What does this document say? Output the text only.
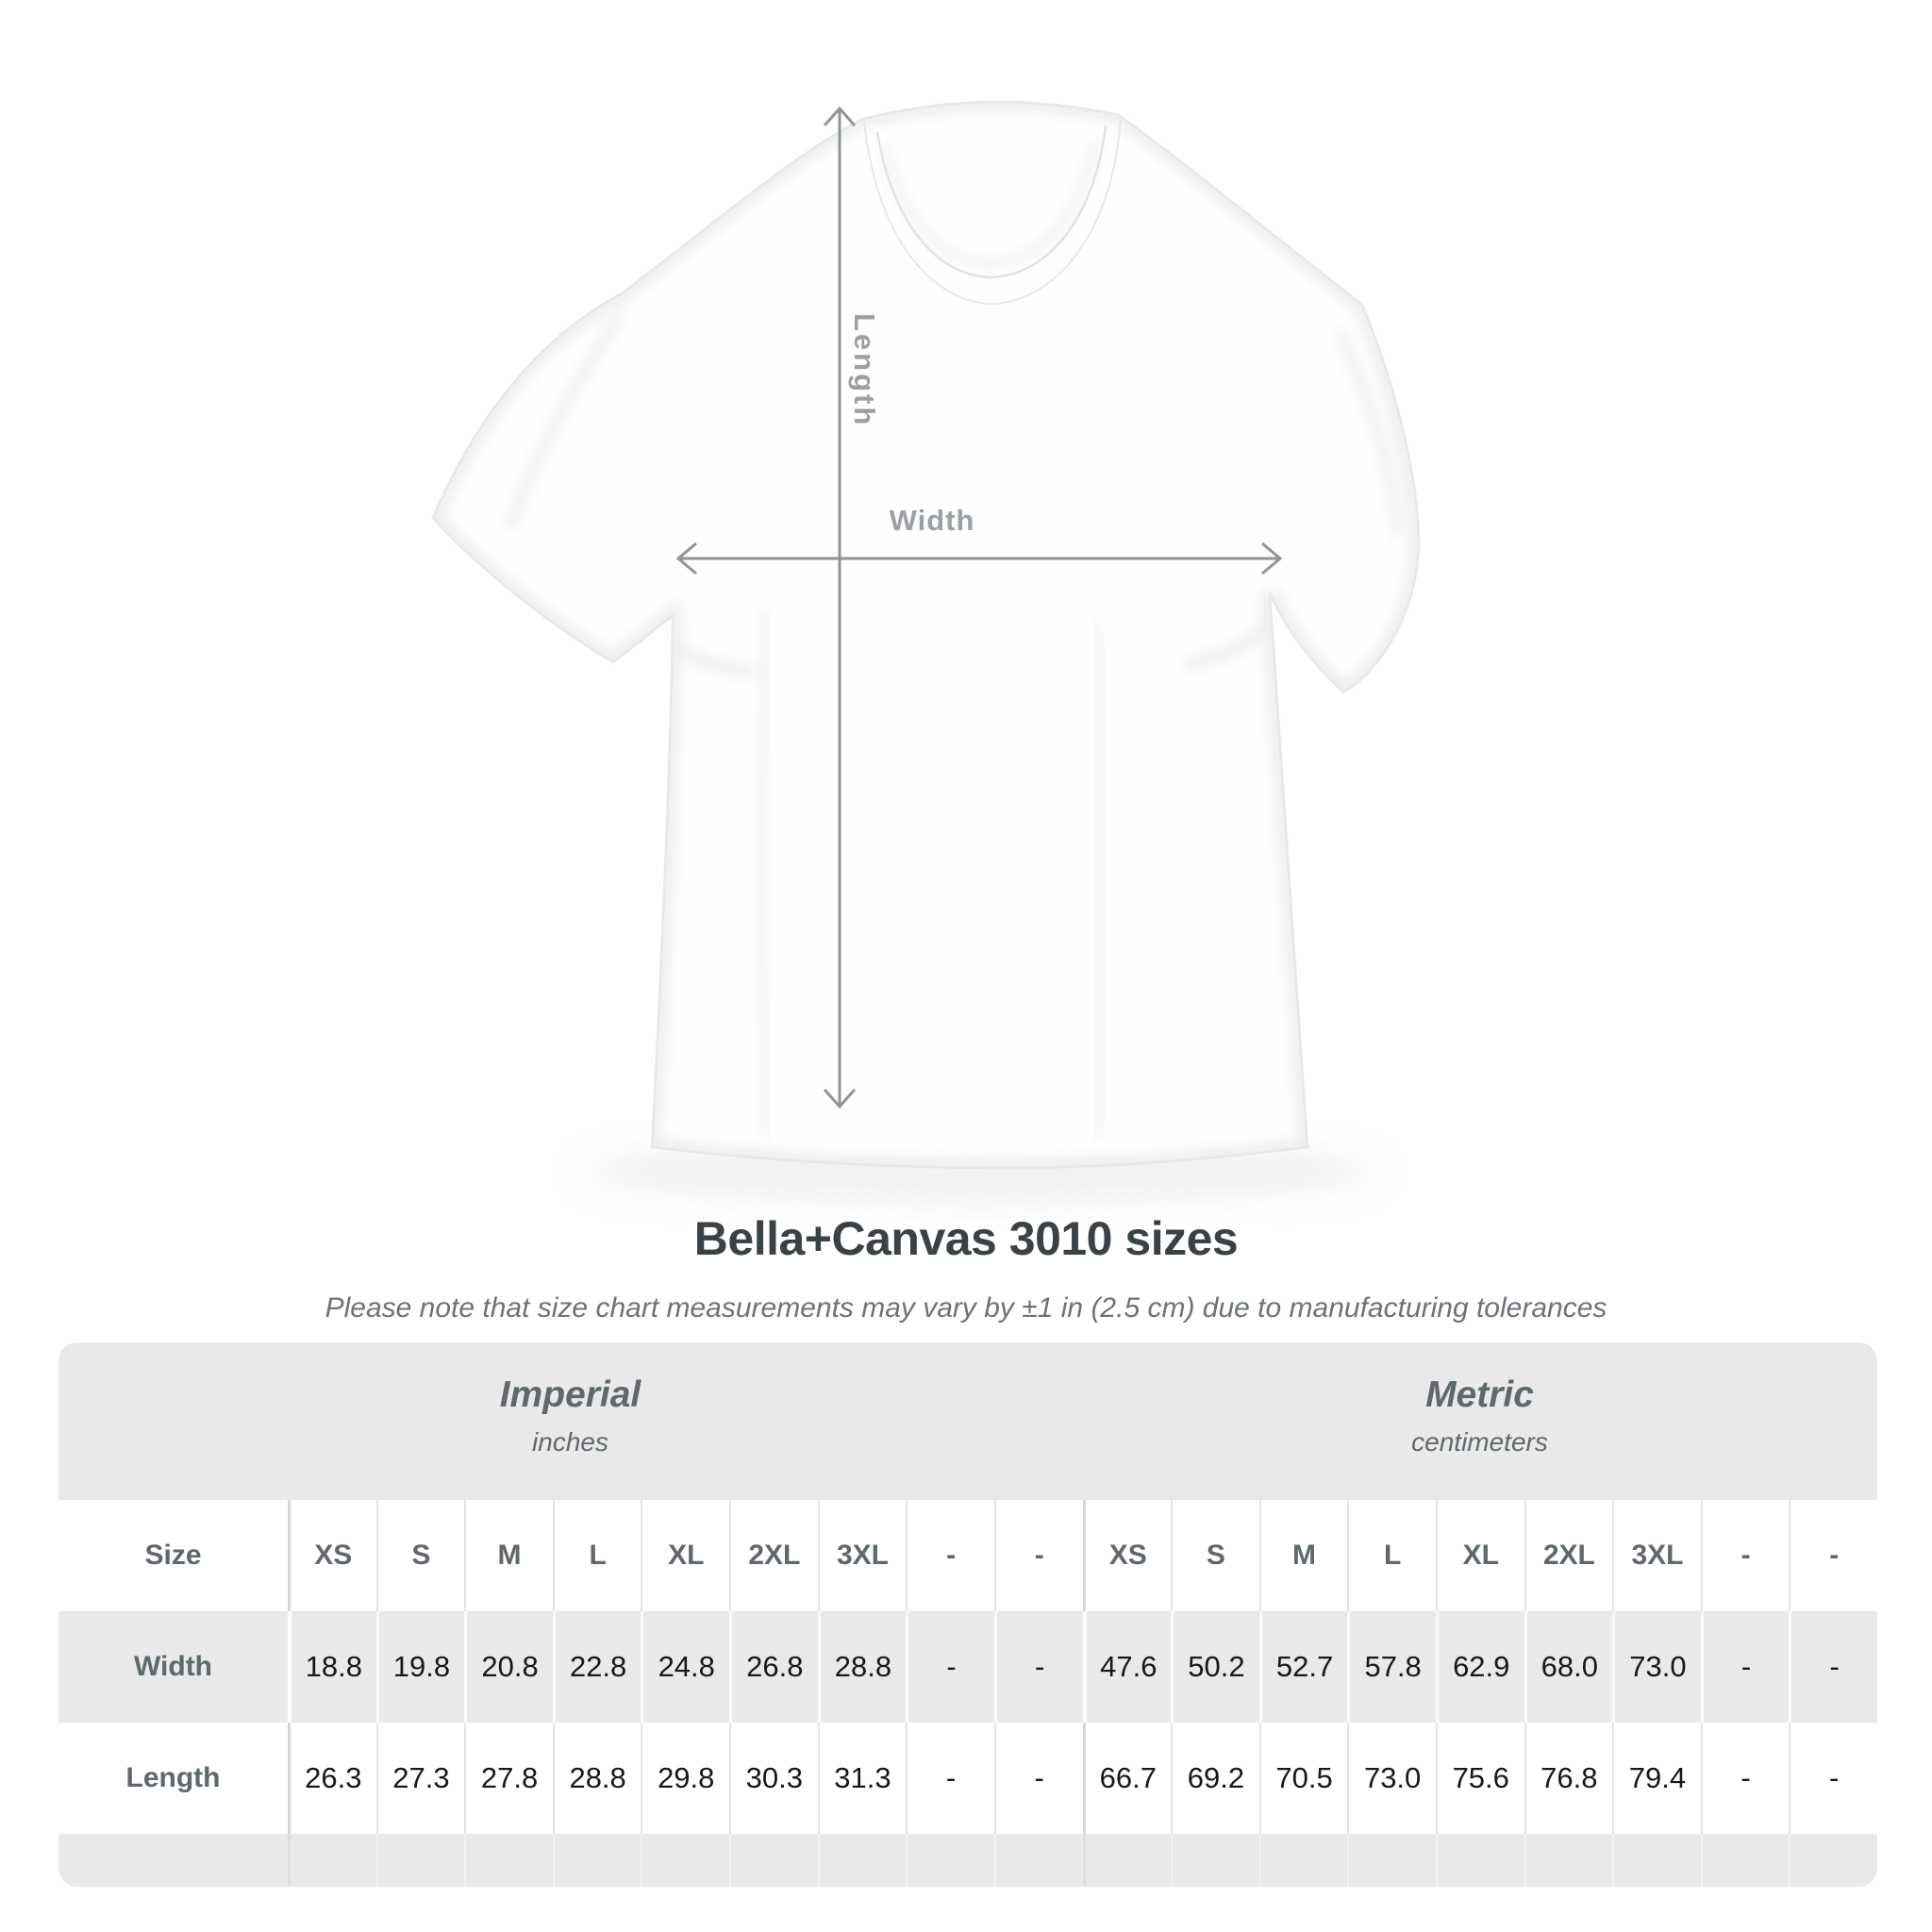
Length
Width
Bella+Canvas 3010 sizes

Please note that size chart measurements may vary by ±1 in (2.5 cm) due to manufacturing tolerances

Imperial
inches
Metric
centimeters
Size	XS	S	M	L	XL	2XL	3XL	-	-	XS	S	M	L	XL	2XL	3XL	-	-
Width	18.8	19.8	20.8	22.8	24.8	26.8	28.8	-	-	47.6	50.2	52.7	57.8	62.9	68.0	73.0	-	-
Length	26.3	27.3	27.8	28.8	29.8	30.3	31.3	-	-	66.7	69.2	70.5	73.0	75.6	76.8	79.4	-	-
